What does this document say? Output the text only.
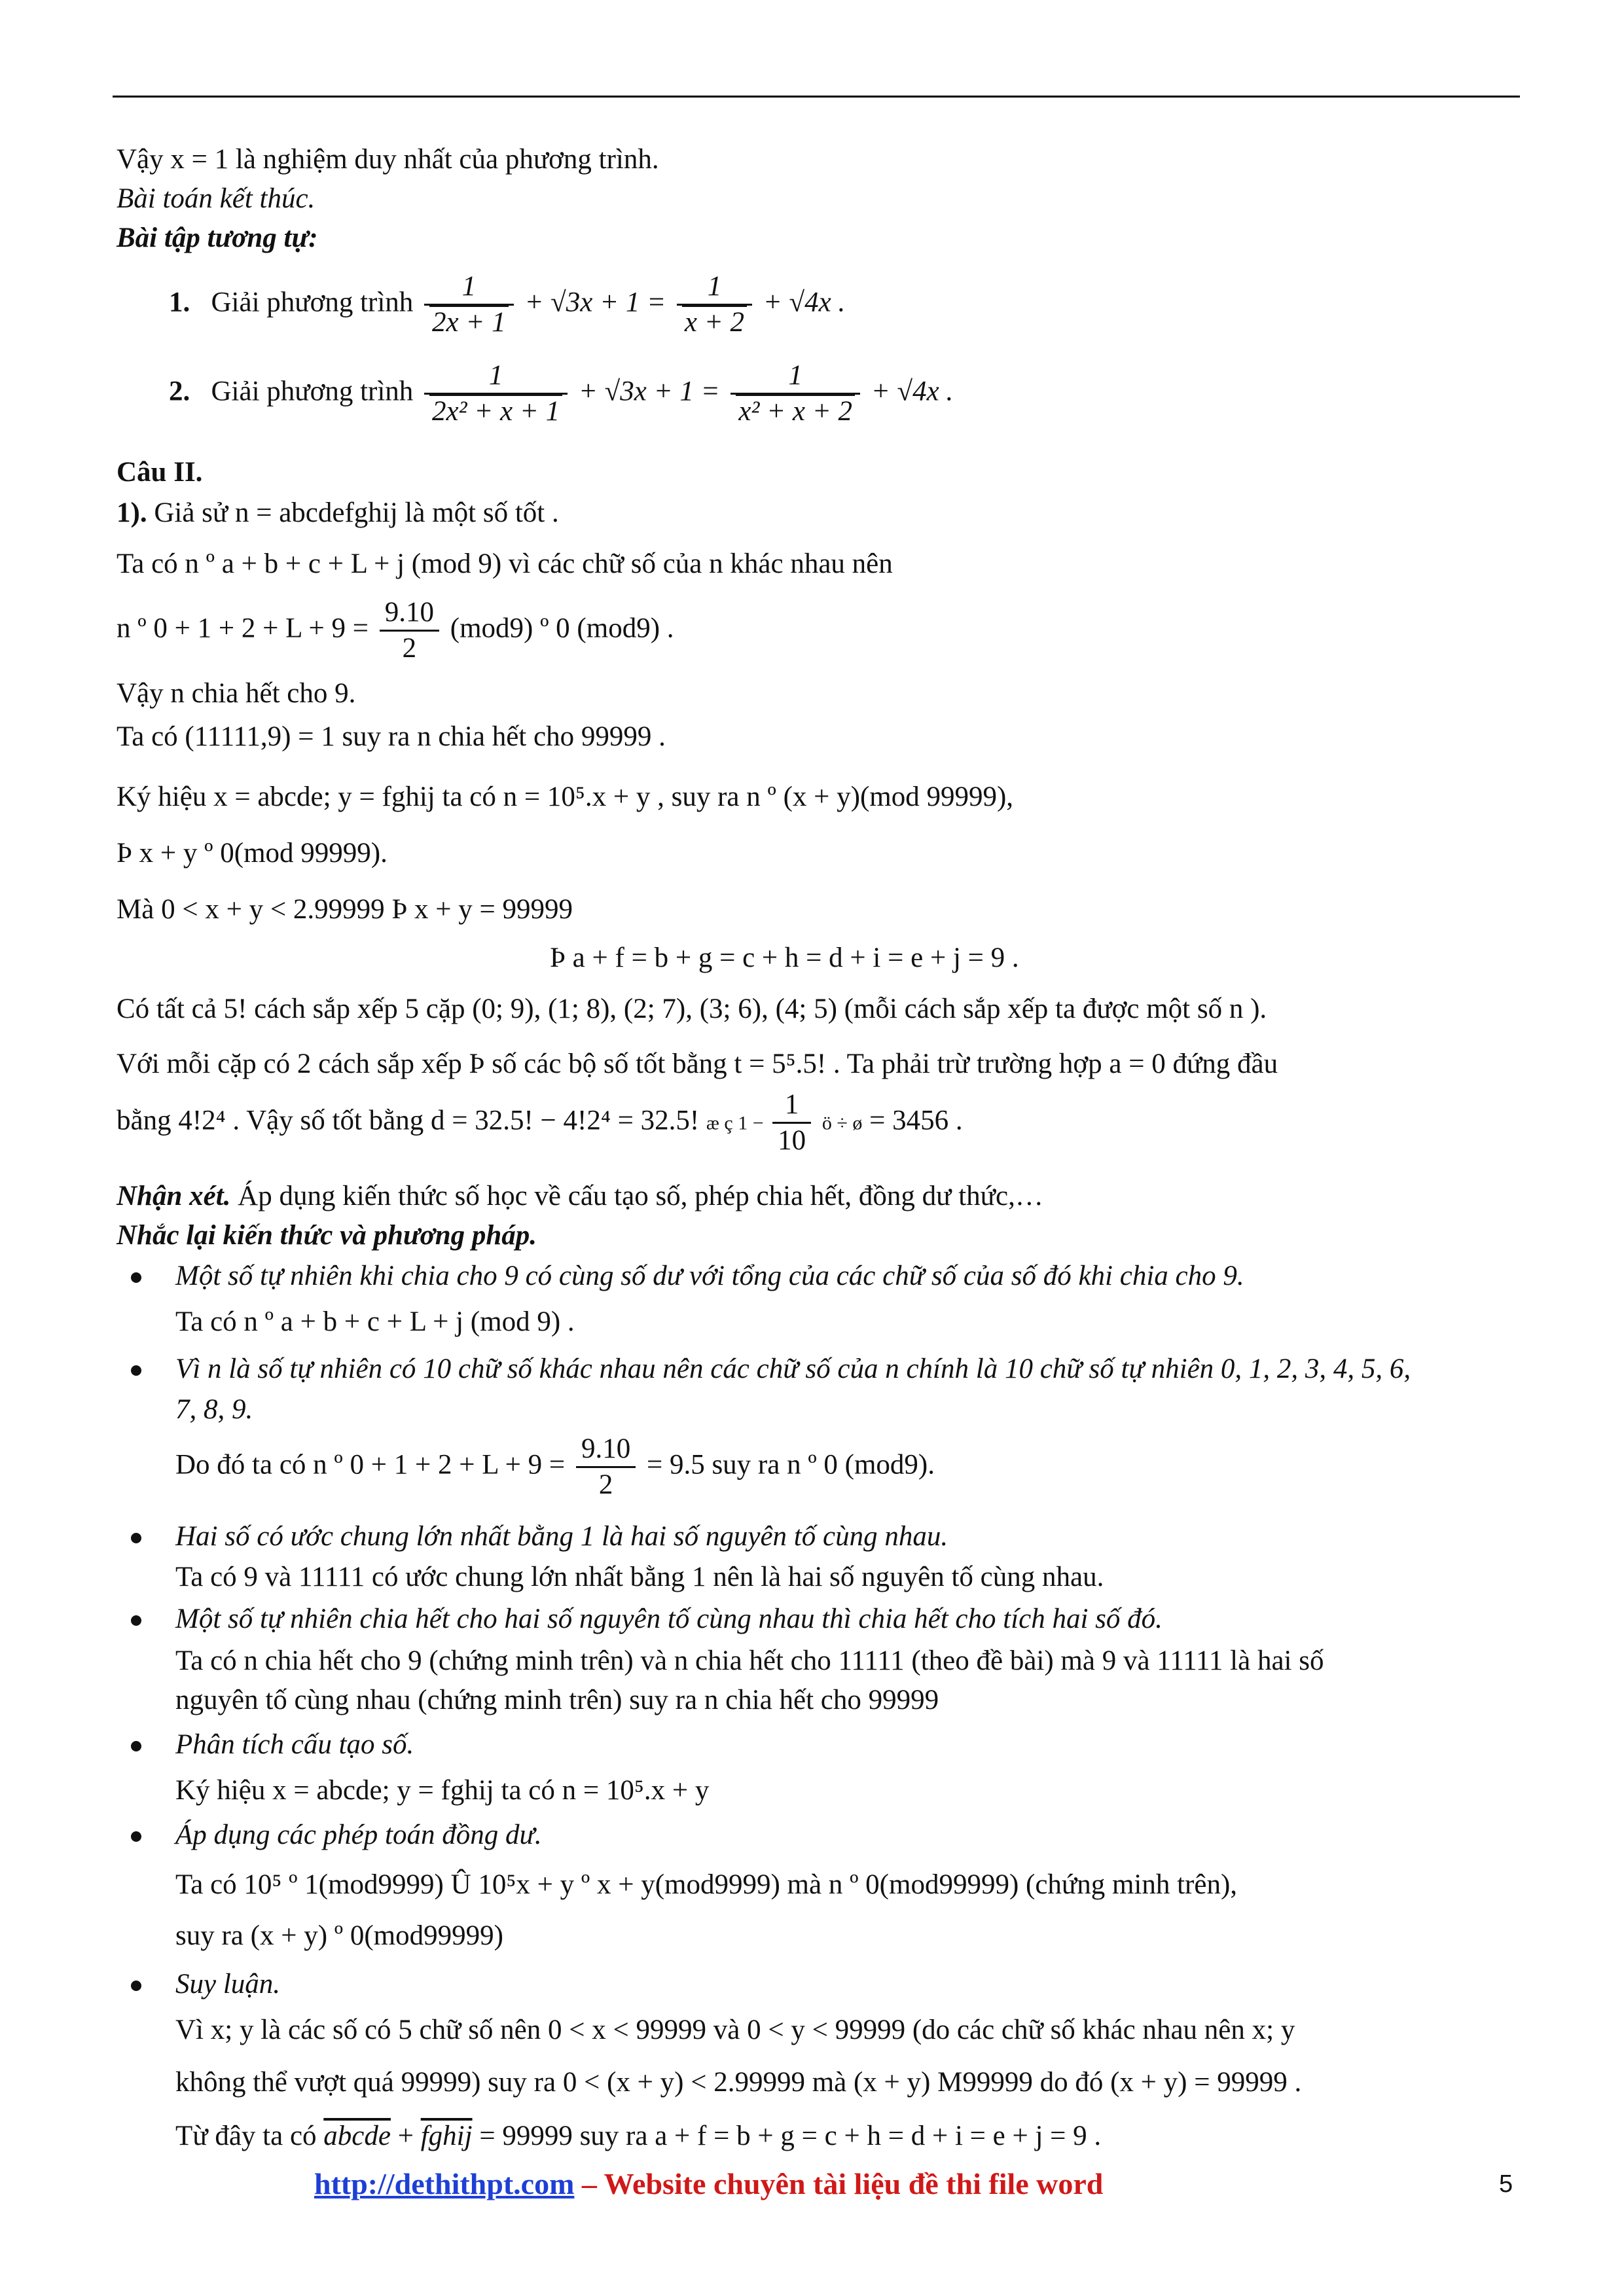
Vậy x = 1 là nghiệm duy nhất của phương trình.
Bài toán kết thúc.
Bài tập tương tự:
1. Giải phương trình $\frac{1}{2x + 1} + √3x + 1 = \frac{1}{x + 2} + √4x$ .
2. Giải phương trình $\frac{1}{\text{2x² + x + 1}} + √3x + 1 = \frac{1}{\text{x² + x + 2}} + √4x$ .
Câu II.
1). Giả sử n = abcdefghij là một số tốt .
Ta có n º a + b + c + L + j (mod 9) vì các chữ số của n khác nhau nên
n º $0 + 1 + 2 + L + 9 = \frac{9.10}{2} (mod9)$ º 0 (mod9) .
Vậy n chia hết cho 9.
Ta có (11111,9) = 1 suy ra n chia hết cho 99999 .
Ký hiệu x = abcde; y = fghij ta có n = 10⁵.x + y , suy ra n º (x + y)(mod 99999),
Þ x + y º 0(mod 99999).
Mà 0 < x + y < 2.99999 Þ x + y = 99999
Þ a + f = b + g = c + h = d + i = e + j = 9 .
Có tất cả 5! cách sắp xếp 5 cặp (0; 9), (1; 8), (2; 7), (3; 6), (4; 5) (mỗi cách sắp xếp ta được một số n ).
Với mỗi cặp có 2 cách sắp xếp Þ số các bộ số tốt bằng t = 5⁵.5! . Ta phải trừ trường hợp a = 0 đứng đầu
bằng 4!2⁴ . Vậy số tốt bằng d = 32.5! − 4!2⁴ = 32.5! æ ç $1 - \frac{1}{10}$ ö ÷ ø = 3456 .
Nhận xét. Áp dụng kiến thức số học về cấu tạo số, phép chia hết, đồng dư thức,…
Nhắc lại kiến thức và phương pháp.
Một số tự nhiên khi chia cho 9 có cùng số dư với tổng của các chữ số của số đó khi chia cho 9.
Ta có n º a + b + c + L + j (mod 9) .
Vì n là số tự nhiên có 10 chữ số khác nhau nên các chữ số của n chính là 10 chữ số tự nhiên 0, 1, 2, 3, 4, 5, 6,
7, 8, 9.
Do đó ta có n º $0 + 1 + 2 + L + 9 = \frac{9.10}{2} = 9.5$ suy ra n º 0 (mod9).
Hai số có ước chung lớn nhất bằng 1 là hai số nguyên tố cùng nhau.
Ta có 9 và 11111 có ước chung lớn nhất bằng 1 nên là hai số nguyên tố cùng nhau.
Một số tự nhiên chia hết cho hai số nguyên tố cùng nhau thì chia hết cho tích hai số đó.
Ta có n chia hết cho 9 (chứng minh trên) và n chia hết cho 11111 (theo đề bài) mà 9 và 11111 là hai số
nguyên tố cùng nhau (chứng minh trên) suy ra n chia hết cho 99999
Phân tích cấu tạo số.
Ký hiệu x = abcde; y = fghij ta có n = 10⁵.x + y
Áp dụng các phép toán đồng dư.
Ta có 10⁵ º 1(mod9999) Û 10⁵x + y º x + y(mod9999) mà n º 0(mod99999) (chứng minh trên),
suy ra (x + y) º 0(mod99999)
Suy luận.
Vì x; y là các số có 5 chữ số nên 0 < x < 99999 và 0 < y < 99999 (do các chữ số khác nhau nên x; y
không thể vượt quá 99999) suy ra 0 < (x + y) < 2.99999 mà (x + y) M99999 do đó (x + y) = 99999 .
Từ đây ta có abcde + fghij = 99999 suy ra a + f = b + g = c + h = d + i = e + j = 9 .
http://dethithpt.com – Website chuyên tài liệu đề thi file word	5
